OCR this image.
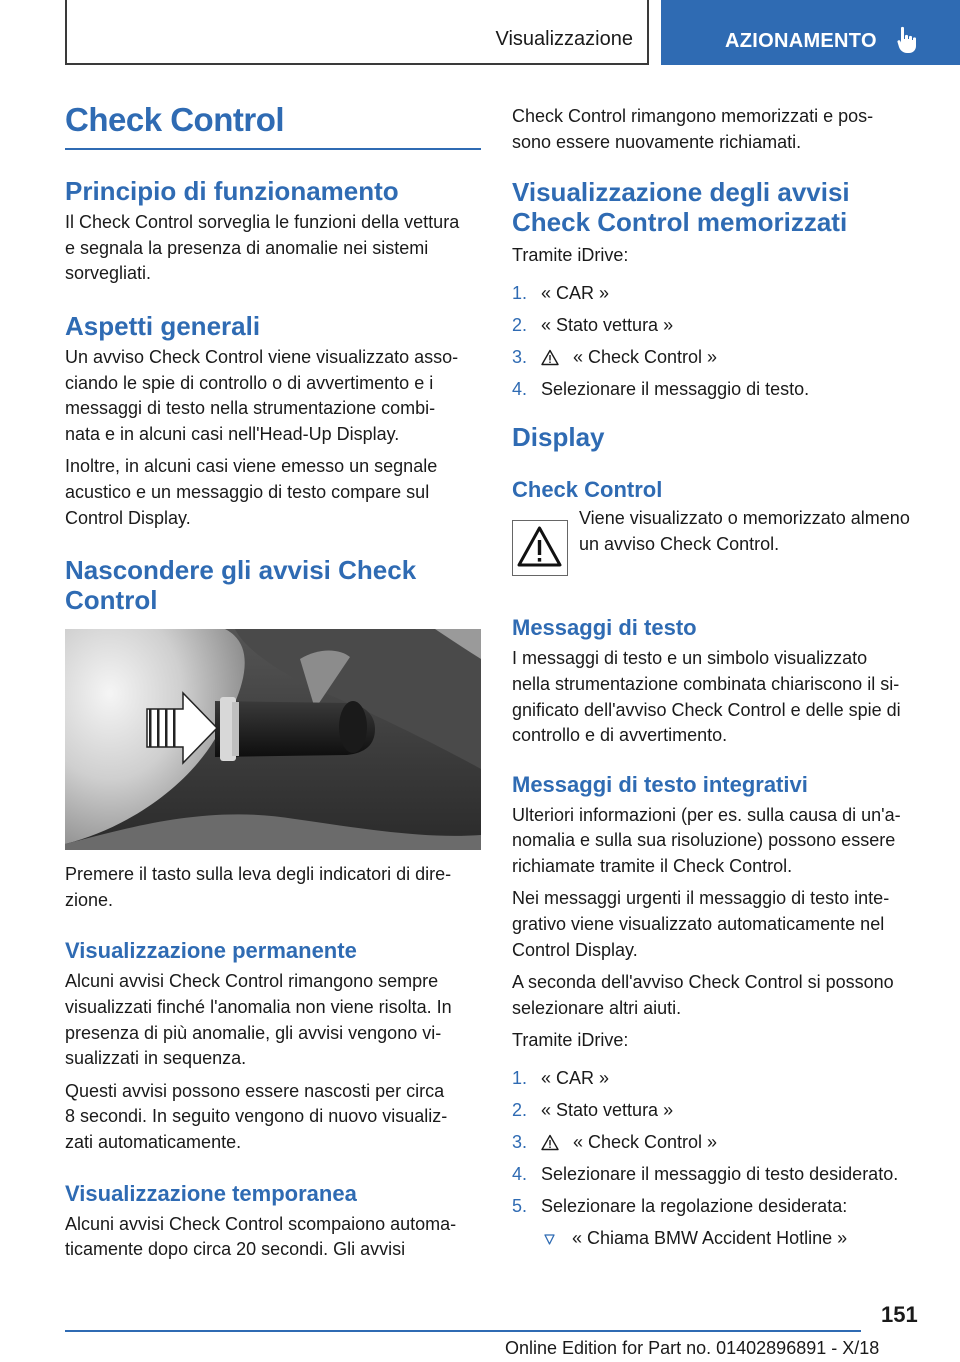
Visualizzazione	AZIONAMENTO
Check Control
Principio di funzionamento
Il Check Control sorveglia le funzioni della vettura
e segnala la presenza di anomalie nei sistemi
sorvegliati.
Aspetti generali
Un avviso Check Control viene visualizzato asso-
ciando le spie di controllo o di avvertimento e i
messaggi di testo nella strumentazione combi-
nata e in alcuni casi nell'Head-Up Display.
Inoltre, in alcuni casi viene emesso un segnale
acustico e un messaggio di testo compare sul
Control Display.
Nascondere gli avvisi Check
Control
Premere il tasto sulla leva degli indicatori di dire-
zione.
Visualizzazione permanente
Alcuni avvisi Check Control rimangono sempre
visualizzati finché l'anomalia non viene risolta. In
presenza di più anomalie, gli avvisi vengono vi-
sualizzati in sequenza.
Questi avvisi possono essere nascosti per circa
8 secondi. In seguito vengono di nuovo visualiz-
zati automaticamente.
Visualizzazione temporanea
Alcuni avvisi Check Control scompaiono automa-
ticamente dopo circa 20 secondi. Gli avvisi
Check Control rimangono memorizzati e pos-
sono essere nuovamente richiamati.
Visualizzazione degli avvisi
Check Control memorizzati
Tramite iDrive:
1. « CAR »
2. « Stato vettura »
3.	« Check Control »
4. Selezionare il messaggio di testo.
Display
Check Control
Viene visualizzato o memorizzato almeno
un avviso Check Control.
Messaggi di testo
I messaggi di testo e un simbolo visualizzato
nella strumentazione combinata chiariscono il si-
gnificato dell'avviso Check Control e delle spie di
controllo e di avvertimento.
Messaggi di testo integrativi
Ulteriori informazioni (per es. sulla causa di un'a-
nomalia e sulla sua risoluzione) possono essere
richiamate tramite il Check Control.
Nei messaggi urgenti il messaggio di testo inte-
grativo viene visualizzato automaticamente nel
Control Display.
A seconda dell'avviso Check Control si possono
selezionare altri aiuti.
Tramite iDrive:
1. « CAR »
2. « Stato vettura »
3.	« Check Control »
4. Selezionare il messaggio di testo desiderato.
5. Selezionare la regolazione desiderata:
« Chiama BMW Accident Hotline »
151
Online Edition for Part no. 01402896891 - X/18
